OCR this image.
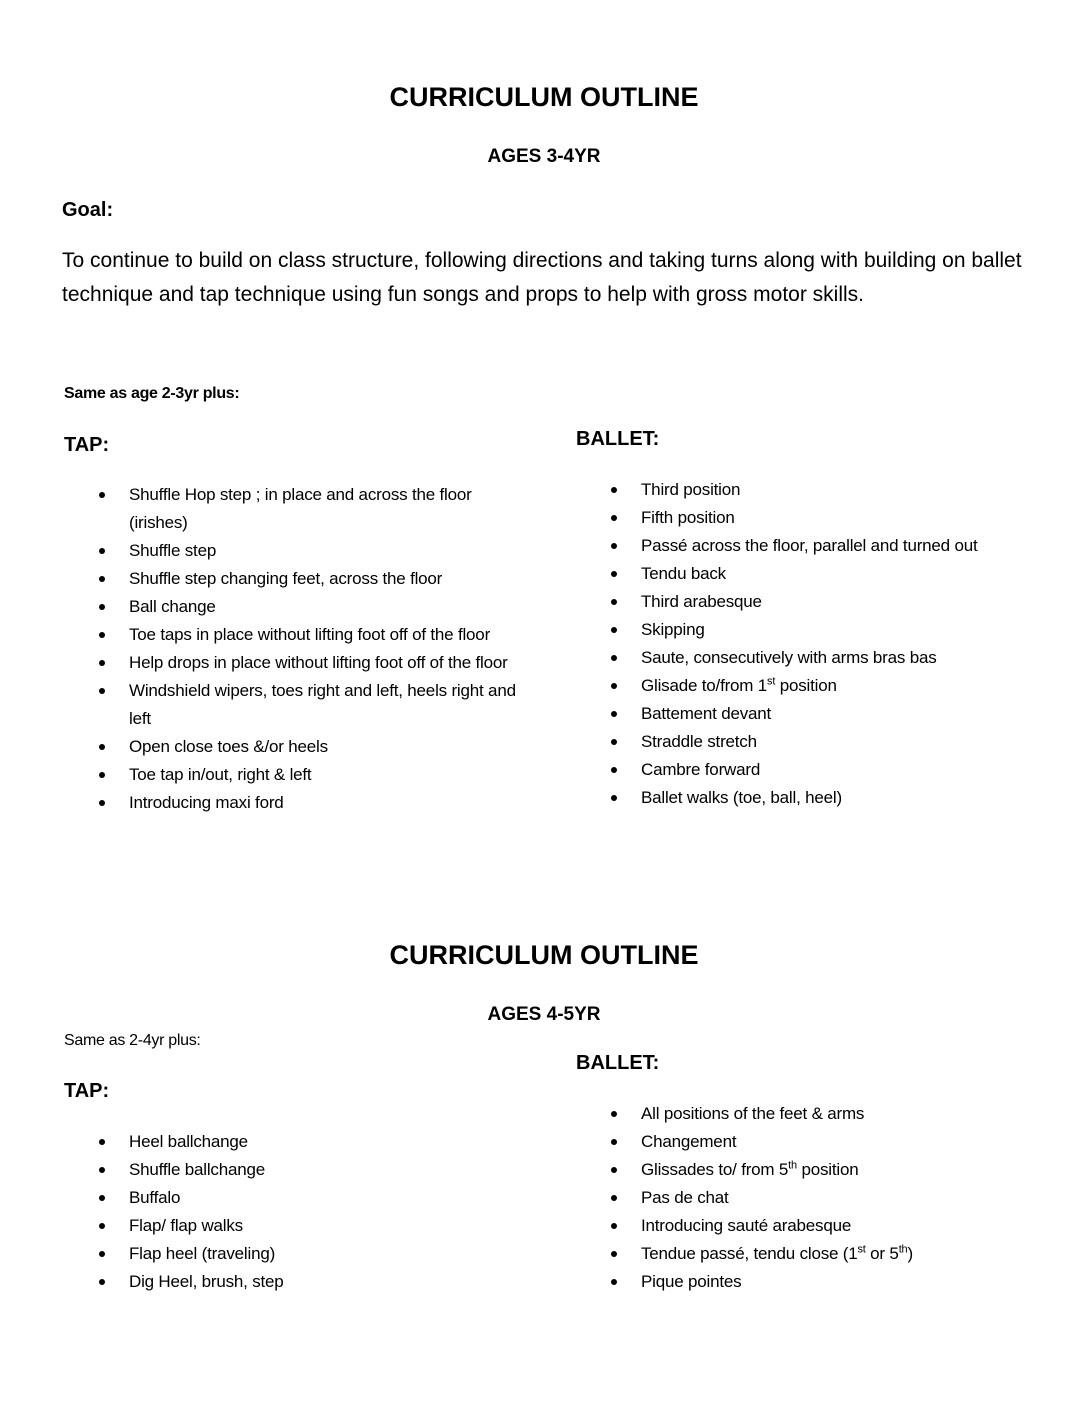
CURRICULUM OUTLINE
AGES 3-4YR
Goal:
To continue to build on class structure, following directions and taking turns along with building on ballet technique and tap technique using fun songs and props to help with gross motor skills.
Same as age 2-3yr plus:
TAP:
Shuffle Hop step ; in place and across the floor (irishes)
Shuffle step
Shuffle step changing feet, across the floor
Ball change
Toe taps in place without lifting foot off of the floor
Help drops in place without lifting foot off of the floor
Windshield wipers, toes right and left, heels right and left
Open close toes &/or heels
Toe tap in/out, right & left
Introducing maxi ford
BALLET:
Third position
Fifth position
Passé across the floor, parallel and turned out
Tendu back
Third arabesque
Skipping
Saute, consecutively with arms bras bas
Glisade to/from 1st position
Battement devant
Straddle stretch
Cambre forward
Ballet walks (toe, ball, heel)
CURRICULUM OUTLINE
AGES 4-5YR
Same as 2-4yr plus:
TAP:
Heel ballchange
Shuffle ballchange
Buffalo
Flap/ flap walks
Flap heel (traveling)
Dig Heel, brush, step
BALLET:
All positions of the feet & arms
Changement
Glissades to/ from 5th position
Pas de chat
Introducing sauté arabesque
Tendue passé, tendu close (1st or 5th)
Pique pointes
